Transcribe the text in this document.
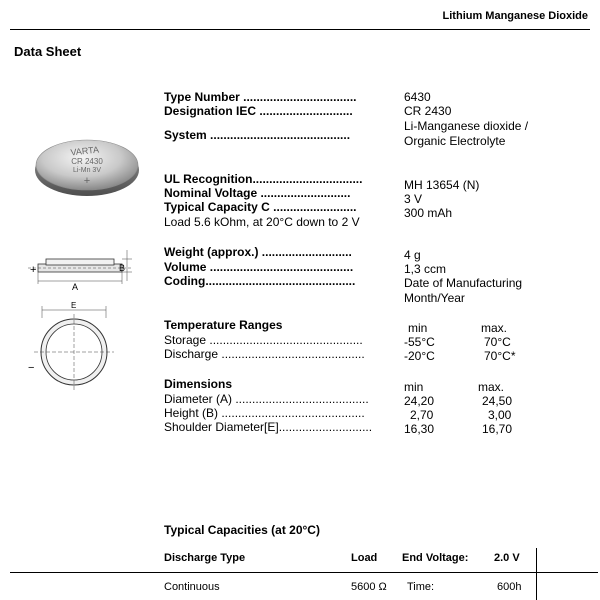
Lithium Manganese Dioxide
Data Sheet
VARTA
CR 2430
Li-Mn 3V
+
+	B
A
E
−
Type Number ..................................	6430
Designation IEC ............................	CR 2430
System ..........................................
Li-Manganese dioxide /
Organic Electrolyte
UL Recognition.................................	MH 13654 (N)
Nominal Voltage ...........................	3 V
Typical Capacity C .........................	300 mAh
Load 5.6 kOhm, at 20°C down to 2 V
Weight (approx.) ...........................	4 g
Volume ...........................................	1,3 ccm
Coding.............................................	Date of Manufacturing
Month/Year
Temperature Ranges	min	max.
Storage ..............................................	-55°C	70°C
Discharge ...........................................	-20°C	70°C*
Dimensions	min	max.
Diameter (A) ........................................	24,20	24,50
Height (B) ...........................................	2,70	3,00
Shoulder Diameter[E]............................	16,30	16,70
Typical Capacities (at 20°C)
Discharge Type	Load End Voltage: 2.0 V
Continuous	5600 Ω Time:	600h
